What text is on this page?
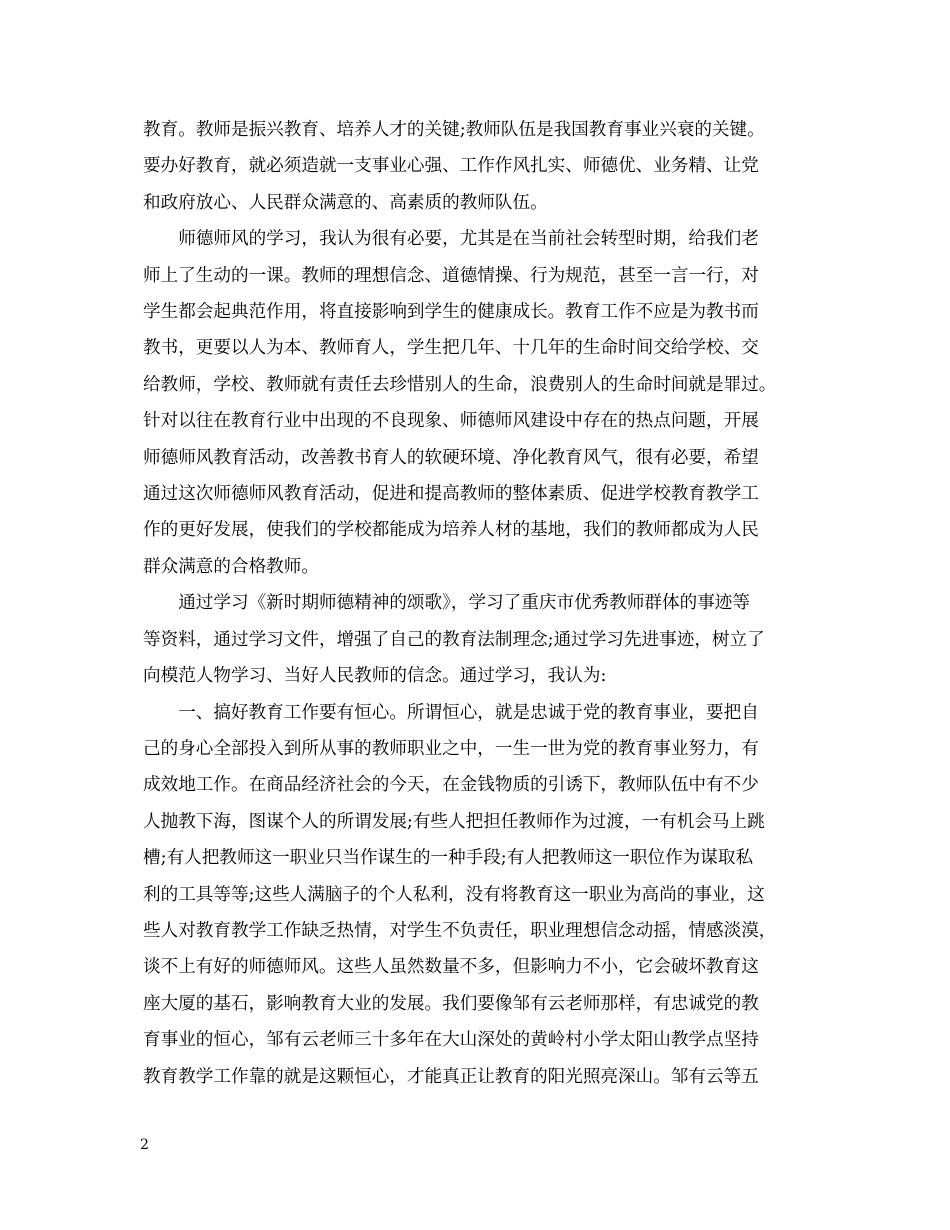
教育。教师是振兴教育、培养人才的关键;教师队伍是我国教育事业兴衰的关键。
要办好教育，就必须造就一支事业心强、工作作风扎实、师德优、业务精、让党
和政府放心、人民群众满意的、高素质的教师队伍。

师德师风的学习，我认为很有必要，尤其是在当前社会转型时期，给我们老
师上了生动的一课。教师的理想信念、道德情操、行为规范，甚至一言一行，对
学生都会起典范作用，将直接影响到学生的健康成长。教育工作不应是为教书而
教书，更要以人为本、教师育人，学生把几年、十几年的生命时间交给学校、交
给教师，学校、教师就有责任去珍惜别人的生命，浪费别人的生命时间就是罪过。
针对以往在教育行业中出现的不良现象、师德师风建设中存在的热点问题，开展
师德师风教育活动，改善教书育人的软硬环境、净化教育风气，很有必要，希望
通过这次师德师风教育活动，促进和提高教师的整体素质、促进学校教育教学工
作的更好发展，使我们的学校都能成为培养人材的基地，我们的教师都成为人民
群众满意的合格教师。

通过学习《新时期师德精神的颂歌》，学习了重庆市优秀教师群体的事迹等
等资料，通过学习文件，增强了自己的教育法制理念;通过学习先进事迹，树立了
向模范人物学习、当好人民教师的信念。通过学习，我认为:

一、搞好教育工作要有恒心。所谓恒心，就是忠诚于党的教育事业，要把自
己的身心全部投入到所从事的教师职业之中，一生一世为党的教育事业努力，有
成效地工作。在商品经济社会的今天，在金钱物质的引诱下，教师队伍中有不少
人抛教下海，图谋个人的所谓发展;有些人把担任教师作为过渡，一有机会马上跳
槽;有人把教师这一职业只当作谋生的一种手段;有人把教师这一职位作为谋取私
利的工具等等;这些人满脑子的个人私利，没有将教育这一职业为高尚的事业，这
些人对教育教学工作缺乏热情，对学生不负责任，职业理想信念动摇，情感淡漠，
谈不上有好的师德师风。这些人虽然数量不多，但影响力不小，它会破坏教育这
座大厦的基石，影响教育大业的发展。我们要像邹有云老师那样，有忠诚党的教
育事业的恒心，邹有云老师三十多年在大山深处的黄岭村小学太阳山教学点坚持
教育教学工作靠的就是这颗恒心，才能真正让教育的阳光照亮深山。邹有云等五

2
